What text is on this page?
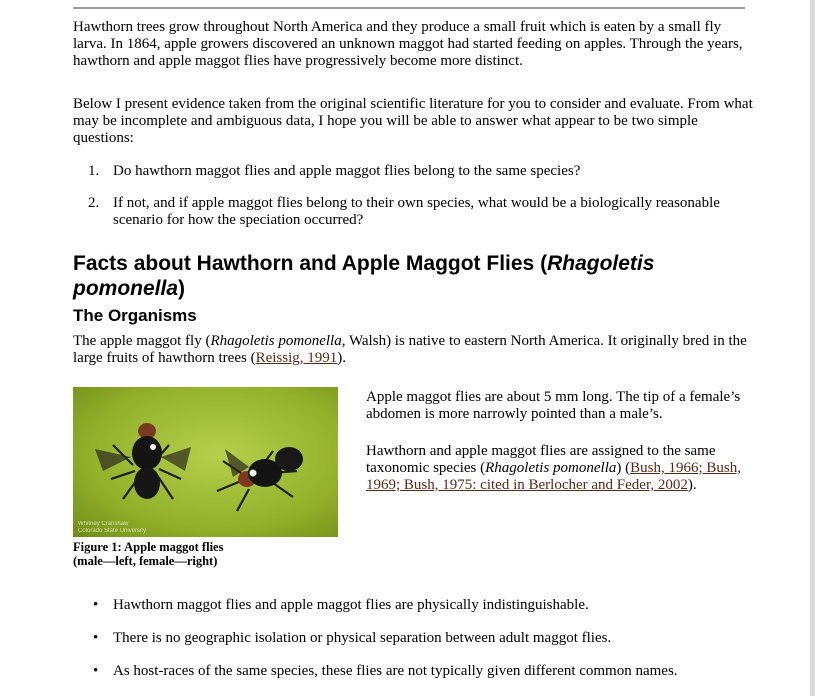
Hawthorn trees grow throughout North America and they produce a small fruit which is eaten by a small fly larva. In 1864, apple growers discovered an unknown maggot had started feeding on apples. Through the years, hawthorn and apple maggot flies have progressively become more distinct.

Below I present evidence taken from the original scientific literature for you to consider and evaluate. From what may be incomplete and ambiguous data, I hope you will be able to answer what appear to be two simple questions:

1. Do hawthorn maggot flies and apple maggot flies belong to the same species?
2. If not, and if apple maggot flies belong to their own species, what would be a biologically reasonable scenario for how the speciation occurred?
Facts about Hawthorn and Apple Maggot Flies (Rhagoletis pomonella)
The Organisms

The apple maggot fly (Rhagoletis pomonella, Walsh) is native to eastern North America. It originally bred in the large fruits of hawthorn trees (Reissig, 1991).

Whitney Cranshaw
Colorado State University
Figure 1: Apple maggot flies
(male—left, female—right)

Apple maggot flies are about 5 mm long. The tip of a female’s abdomen is more narrowly pointed than a male’s.

Hawthorn and apple maggot flies are assigned to the same taxonomic species (Rhagoletis pomonella) (Bush, 1966; Bush, 1969; Bush, 1975: cited in Berlocher and Feder, 2002).

• Hawthorn maggot flies and apple maggot flies are physically indistinguishable.
• There is no geographic isolation or physical separation between adult maggot flies.
• As host-races of the same species, these flies are not typically given different common names.
